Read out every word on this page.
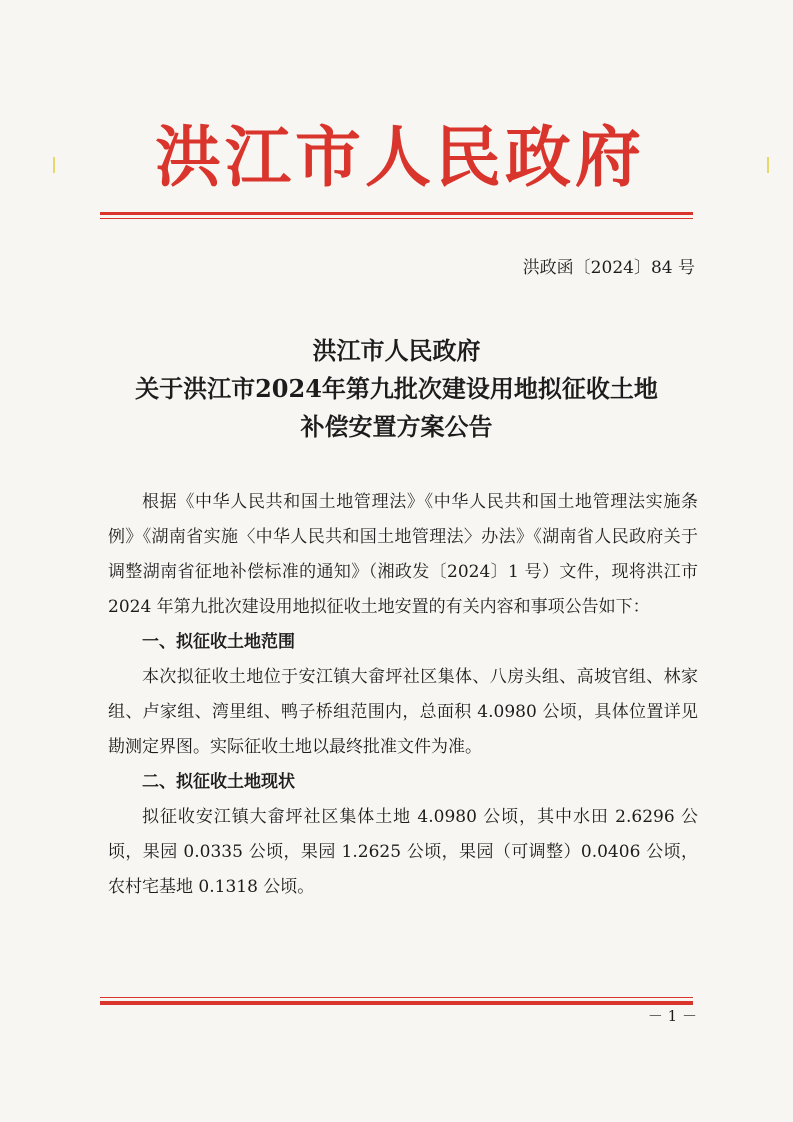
洪江市人民政府
洪政函〔2024〕84 号
洪江市人民政府
关于洪江市2024年第九批次建设用地拟征收土地
补偿安置方案公告

根据《中华人民共和国土地管理法》《中华人民共和国土地管理法实施条例》《湖南省实施〈中华人民共和国土地管理法〉办法》《湖南省人民政府关于调整湖南省征地补偿标准的通知》（湘政发〔2024〕1 号）文件，现将洪江市 2024 年第九批次建设用地拟征收土地安置的有关内容和事项公告如下：

一、拟征收土地范围

本次拟征收土地位于安江镇大畲坪社区集体、八房头组、高坡官组、林家组、卢家组、湾里组、鸭子桥组范围内，总面积 4.0980 公顷，具体位置详见勘测定界图。实际征收土地以最终批准文件为准。

二、拟征收土地现状

拟征收安江镇大畲坪社区集体土地 4.0980 公顷，其中水田 2.6296 公顷，果园 0.0335 公顷，果园 1.2625 公顷，果园（可调整）0.0406 公顷，农村宅基地 0.1318 公顷。

－ 1 －
